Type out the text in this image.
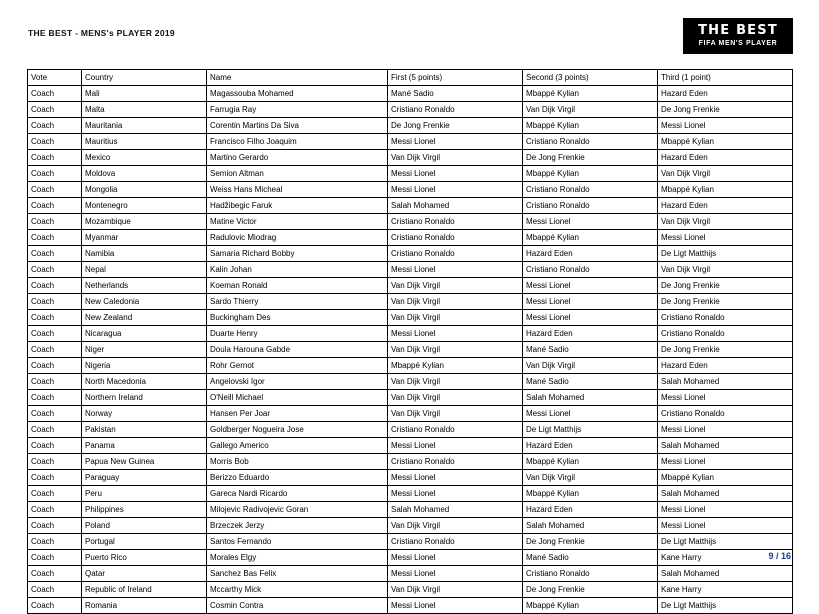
THE BEST - MENS's PLAYER 2019	THE BEST
FIFA MEN'S PLAYER
Vote	Country	Name	First (5 points)	Second (3 points)	Third (1 point)
Coach	Mali	Magassouba Mohamed	Mané Sadio	Mbappé Kylian	Hazard Eden
Coach	Malta	Farrugia Ray	Cristiano Ronaldo	Van Dijk Virgil	De Jong Frenkie
Coach	Mauritania	Corentin Martins Da Siva	De Jong Frenkie	Mbappé Kylian	Messi Lionel
Coach	Mauritius	Francisco Filho Joaquim	Messi Lionel	Cristiano Ronaldo	Mbappé Kylian
Coach	Mexico	Martino Gerardo	Van Dijk Virgil	De Jong Frenkie	Hazard Eden
Coach	Moldova	Semion Altman	Messi Lionel	Mbappé Kylian	Van Dijk Virgil
Coach	Mongolia	Weiss Hans Micheal	Messi Lionel	Cristiano Ronaldo	Mbappé Kylian
Coach	Montenegro	Hadžibegic Faruk	Salah Mohamed	Cristiano Ronaldo	Hazard Eden
Coach	Mozambique	Matine Victor	Cristiano Ronaldo	Messi Lionel	Van Dijk Virgil
Coach	Myanmar	Radulovic Miodrag	Cristiano Ronaldo	Mbappé Kylian	Messi Lionel
Coach	Namibia	Samaria Richard Bobby	Cristiano Ronaldo	Hazard Eden	De Ligt Matthijs
Coach	Nepal	Kalin Johan	Messi Lionel	Cristiano Ronaldo	Van Dijk Virgil
Coach	Netherlands	Koeman Ronald	Van Dijk Virgil	Messi Lionel	De Jong Frenkie
Coach	New Caledonia	Sardo Thierry	Van Dijk Virgil	Messi Lionel	De Jong Frenkie
Coach	New Zealand	Buckingham Des	Van Dijk Virgil	Messi Lionel	Cristiano Ronaldo
Coach	Nicaragua	Duarte Henry	Messi Lionel	Hazard Eden	Cristiano Ronaldo
Coach	Niger	Doula Harouna Gabde	Van Dijk Virgil	Mané Sadio	De Jong Frenkie
Coach	Nigeria	Rohr Gernot	Mbappé Kylian	Van Dijk Virgil	Hazard Eden
Coach	North Macedonia	Angelovski Igor	Van Dijk Virgil	Mané Sadio	Salah Mohamed
Coach	Northern Ireland	O'Neill Michael	Van Dijk Virgil	Salah Mohamed	Messi Lionel
Coach	Norway	Hansen Per Joar	Van Dijk Virgil	Messi Lionel	Cristiano Ronaldo
Coach	Pakistan	Goldberger Nogueira Jose	Cristiano Ronaldo	De Ligt Matthijs	Messi Lionel
Coach	Panama	Gallego Americo	Messi Lionel	Hazard Eden	Salah Mohamed
Coach	Papua New Guinea	Morris Bob	Cristiano Ronaldo	Mbappé Kylian	Messi Lionel
Coach	Paraguay	Berizzo Eduardo	Messi Lionel	Van Dijk Virgil	Mbappé Kylian
Coach	Peru	Gareca Nardi Ricardo	Messi Lionel	Mbappé Kylian	Salah Mohamed
Coach	Philippines	Milojevic Radivojevic Goran	Salah Mohamed	Hazard Eden	Messi Lionel
Coach	Poland	Brzeczek Jerzy	Van Dijk Virgil	Salah Mohamed	Messi Lionel
Coach	Portugal	Santos Fernando	Cristiano Ronaldo	De Jong Frenkie	De Ligt Matthijs
Coach	Puerto Rico	Morales Elgy	Messi Lionel	Mané Sadio	Kane Harry
Coach	Qatar	Sanchez Bas Felix	Messi Lionel	Cristiano Ronaldo	Salah Mohamed
Coach	Republic of Ireland	Mccarthy Mick	Van Dijk Virgil	De Jong Frenkie	Kane Harry
Coach	Romania	Cosmin Contra	Messi Lionel	Mbappé Kylian	De Ligt Matthijs
9 / 16
